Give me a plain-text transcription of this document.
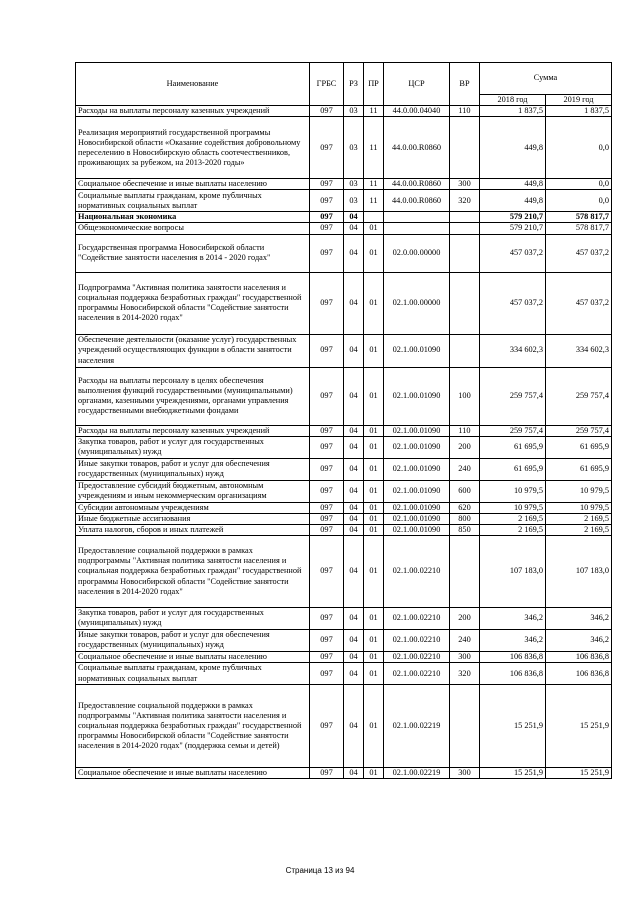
Наименование	ГРБС	РЗ	ПР	ЦСР	ВР	Сумма	
						2018 год	2019 год
Расходы на выплаты персоналу казенных учреждений	097	03	11	44.0.00.04040	110	1 837,5	1 837,5
Реализация мероприятий государственной программы Новосибирской области «Оказание содействия добровольному переселению в Новосибирскую область соотечественников, проживающих за рубежом, на 2013-2020 годы»	097	03	11	44.0.00.R0860		449,8	0,0
Социальное обеспечение и иные выплаты населению	097	03	11	44.0.00.R0860	300	449,8	0,0
Социальные выплаты гражданам, кроме публичных нормативных социальных выплат	097	03	11	44.0.00.R0860	320	449,8	0,0
Национальная экономика	097	04				579 210,7	578 817,7
Общеэкономические вопросы	097	04	01			579 210,7	578 817,7
Государственная программа Новосибирской области "Содействие занятости населения в 2014 - 2020 годах"	097	04	01	02.0.00.00000		457 037,2	457 037,2
Подпрограмма "Активная политика занятости населения и социальная поддержка безработных граждан" государственной программы Новосибирской области "Содействие занятости населения в 2014-2020 годах"	097	04	01	02.1.00.00000		457 037,2	457 037,2
Обеспечение деятельности (оказание услуг) государственных учреждений осуществляющих функции в области занятости населения	097	04	01	02.1.00.01090		334 602,3	334 602,3
Расходы на выплаты персоналу в целях обеспечения выполнения функций государственными (муниципальными) органами, казенными учреждениями, органами управления государственными внебюджетными фондами	097	04	01	02.1.00.01090	100	259 757,4	259 757,4
Расходы на выплаты персоналу казенных учреждений	097	04	01	02.1.00.01090	110	259 757,4	259 757,4
Закупка товаров, работ и услуг для государственных (муниципальных) нужд	097	04	01	02.1.00.01090	200	61 695,9	61 695,9
Иные закупки товаров, работ и услуг для обеспечения государственных (муниципальных) нужд	097	04	01	02.1.00.01090	240	61 695,9	61 695,9
Предоставление субсидий бюджетным, автономным учреждениям и иным некоммерческим организациям	097	04	01	02.1.00.01090	600	10 979,5	10 979,5
Субсидии автономным учреждениям	097	04	01	02.1.00.01090	620	10 979,5	10 979,5
Иные бюджетные ассигнования	097	04	01	02.1.00.01090	800	2 169,5	2 169,5
Уплата налогов, сборов и иных платежей	097	04	01	02.1.00.01090	850	2 169,5	2 169,5
Предоставление социальной поддержки в рамках подпрограммы "Активная политика занятости населения и социальная поддержка безработных граждан" государственной программы Новосибирской области "Содействие занятости населения в 2014-2020 годах"	097	04	01	02.1.00.02210		107 183,0	107 183,0
Закупка товаров, работ и услуг для государственных (муниципальных) нужд	097	04	01	02.1.00.02210	200	346,2	346,2
Иные закупки товаров, работ и услуг для обеспечения государственных (муниципальных) нужд	097	04	01	02.1.00.02210	240	346,2	346,2
Социальное обеспечение и иные выплаты населению	097	04	01	02.1.00.02210	300	106 836,8	106 836,8
Социальные выплаты гражданам, кроме публичных нормативных социальных выплат	097	04	01	02.1.00.02210	320	106 836,8	106 836,8
Предоставление социальной поддержки в рамках подпрограммы "Активная политика занятости населения и социальная поддержка безработных граждан" государственной программы Новосибирской области "Содействие занятости населения в 2014-2020 годах" (поддержка семьи и детей)	097	04	01	02.1.00.02219		15 251,9	15 251,9
Социальное обеспечение и иные выплаты населению	097	04	01	02.1.00.02219	300	15 251,9	15 251,9
Страница 13 из 94
